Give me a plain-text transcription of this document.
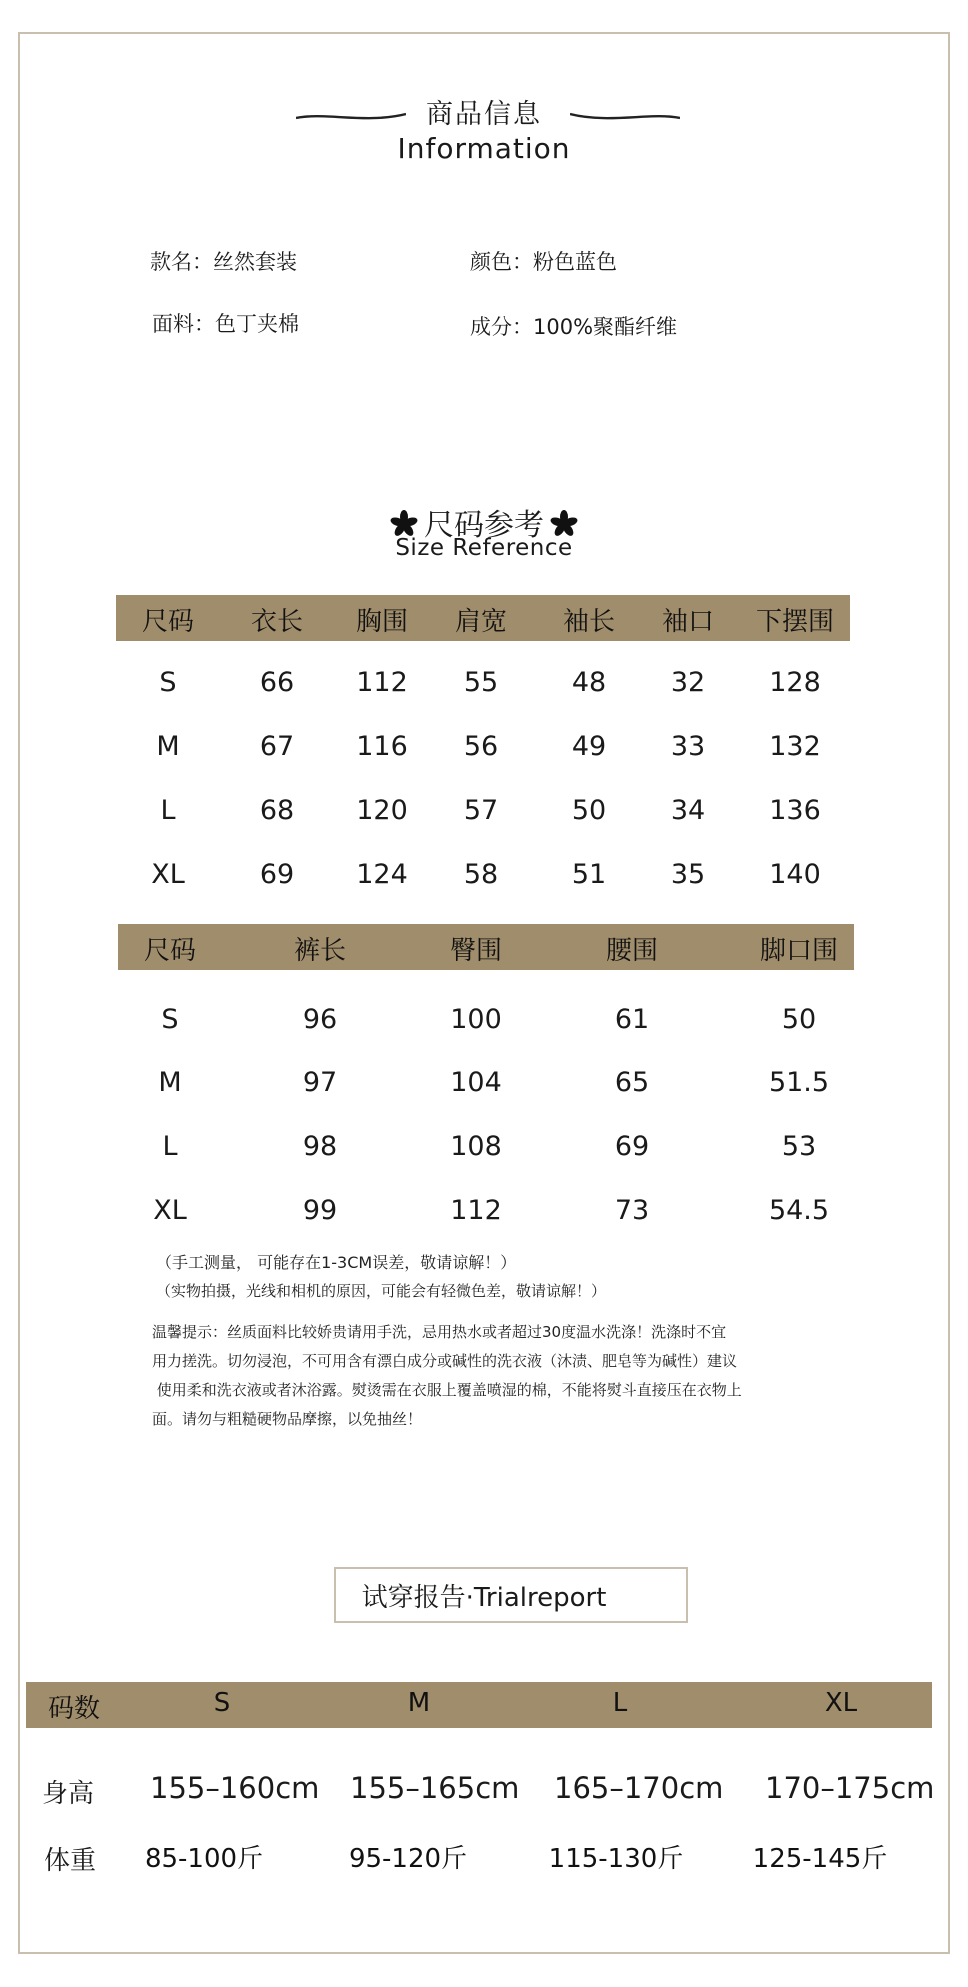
商品信息
Information
款名：丝然套装	颜色：粉色蓝色
面料：色丁夹棉	成分：100%聚酯纤维
尺码参考
Size Reference
尺码	衣长	胸围	肩宽	袖长	袖口	下摆围
S	66	112	55	48	32	128
M	67	116	56	49	33	132
L	68	120	57	50	34	136
XL	69	124	58	51	35	140
尺码	裤长	臀围	腰围	脚口围
S	96	100	61	50
M	97	104	65	51.5
L	98	108	69	53
XL	99	112	73	54.5
（手工测量， 可能存在1-3CM误差，敬请谅解！）
（实物拍摄，光线和相机的原因，可能会有轻微色差，敬请谅解！）
温馨提示：丝质面料比较娇贵请用手洗，忌用热水或者超过30度温水洗涤！洗涤时不宜
用力搓洗。切勿浸泡，不可用含有漂白成分或碱性的洗衣液（沐渍、肥皂等为碱性）建议
使用柔和洗衣液或者沐浴露。熨烫需在衣服上覆盖喷湿的棉，不能将熨斗直接压在衣物上
面。请勿与粗糙硬物品摩擦，以免抽丝！
试穿报告·Trialreport
码数	S	M	L	XL
身高	155–160cm 155–165cm 165–170cm 170–175cm
体重	85-100斤	95-120斤	115-130斤	125-145斤
